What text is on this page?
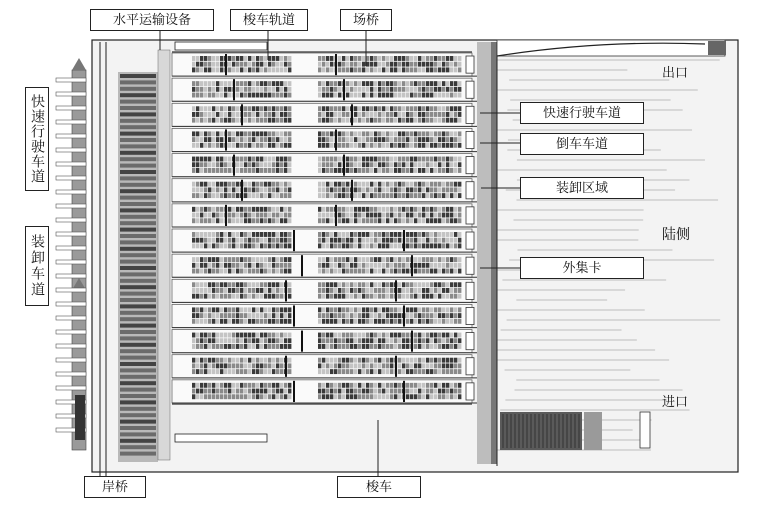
水平运输设备	梭车轨道	场桥
出口
快速行驶车道
倒车车道
装卸区域
陆侧
外集卡
进口
岸桥	梭车
快速行驶车道
装卸车道
